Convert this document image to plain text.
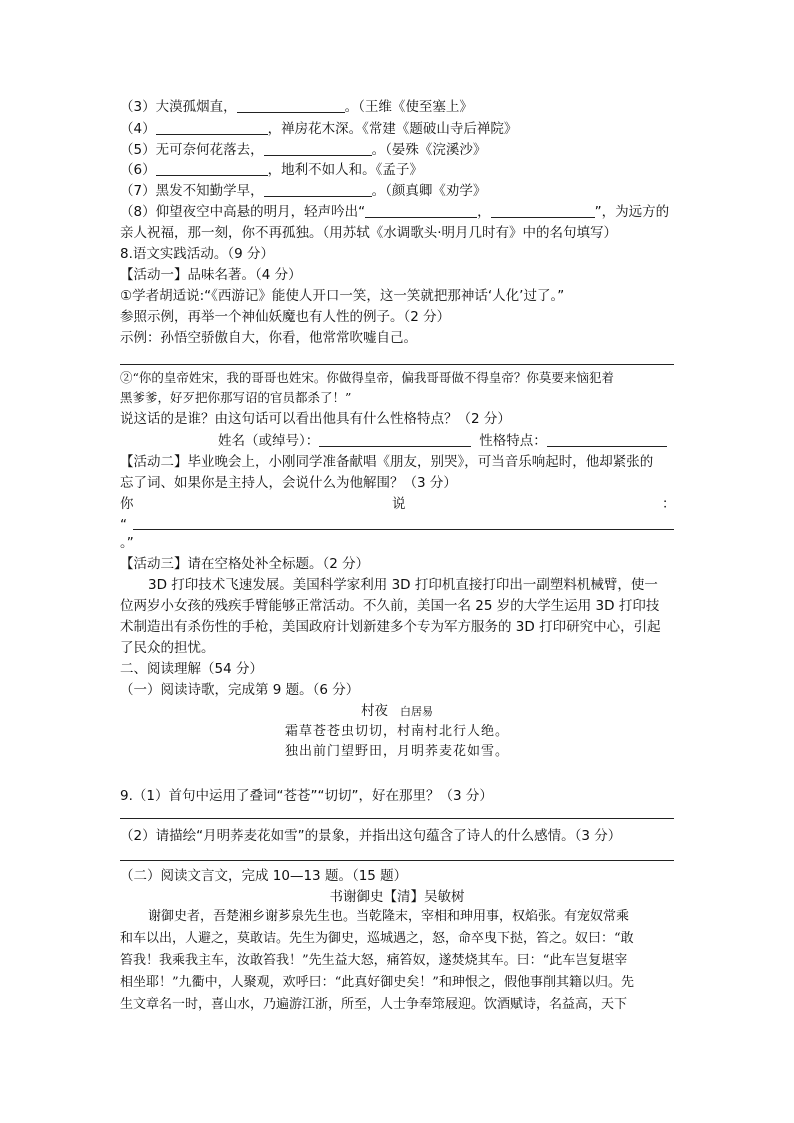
（3）大漠孤烟直，	。（王维《使至塞上》
（4）	，禅房花木深。《常建《题破山寺后禅院》
（5）无可奈何花落去，	。（晏殊《浣溪沙》
（6）	，地利不如人和。《孟子》
（7）黑发不知勤学早，	。（颜真卿《劝学》
（8）仰望夜空中高悬的明月，轻声吟出“	，	”，为远方的
亲人祝福，那一刻，你不再孤独。（用苏轼《水调歌头·明月几时有》中的名句填写）
8.语文实践活动。（9 分）
【活动一】品味名著。（4 分）
①学者胡适说:“《西游记》能使人开口一笑，这一笑就把那神话‘人化’过了。”
参照示例，再举一个神仙妖魔也有人性的例子。（2 分）
示例：孙悟空骄傲自大，你看，他常常吹嘘自己。
②“你的皇帝姓宋，我的哥哥也姓宋。你做得皇帝，偏我哥哥做不得皇帝？你莫要来恼犯着
黑爹爹，好歹把你那写诏的官员都杀了！”
说这话的是谁？由这句话可以看出他具有什么性格特点？（2 分）
姓名（或绰号）：	性格特点：
【活动二】毕业晚会上，小刚同学准备献唱《朋友，别哭》，可当音乐响起时，他却紧张的
忘了词、如果你是主持人，会说什么为他解围？（3 分）
你	说	：
“
。”
【活动三】请在空格处补全标题。（2 分）
3D 打印技术飞速发展。美国科学家利用 3D 打印机直接打印出一副塑料机械臂，使一
位两岁小女孩的残疾手臂能够正常活动。不久前，美国一名 25 岁的大学生运用 3D 打印技
术制造出有杀伤性的手枪，美国政府计划新建多个专为军方服务的 3D 打印研究中心，引起
了民众的担忧。
二、阅读理解（54 分）
（一）阅读诗歌，完成第 9 题。（6 分）
村夜 白居易
霜草苍苍虫切切，村南村北行人绝。
独出前门望野田，月明荞麦花如雪。
9.（1）首句中运用了叠词“苍苍”“切切”，好在那里？（3 分）
（2）请描绘“月明荞麦花如雪”的景象，并指出这句蕴含了诗人的什么感情。（3 分）
（二）阅读文言文，完成 10—13 题。（15 题）
书谢御史【清】吴敏树
谢御史者，吾楚湘乡谢芗泉先生也。当乾隆末，宰相和珅用事，权焰张。有宠奴常乘
和车以出，人避之，莫敢诘。先生为御史，巡城遇之，怒，命卒曳下挞，笞之。奴曰：“敢
笞我！我乘我主车，汝敢笞我！”先生益大怒，痛笞奴，遂焚烧其车。曰：“此车岂复堪宰
相坐耶！”九衢中，人聚观，欢呼曰：“此真好御史矣！”和珅恨之，假他事削其籍以归。先
生文章名一时，喜山水，乃遍游江浙，所至，人士争奉筇屐迎。饮酒赋诗，名益高，天下
